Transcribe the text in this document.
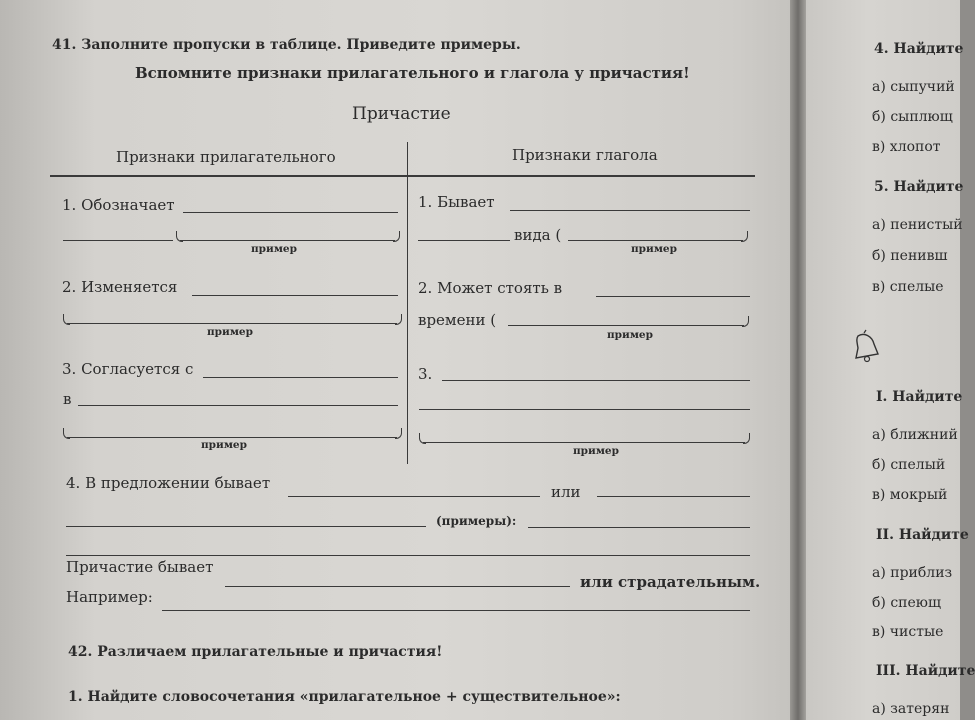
41. Заполните пропуски в таблице. Приведите примеры.
Вспомните признаки прилагательного и глагола у причастия!
Причастие
Признаки прилагательного	Признаки глагола
1. Обозначает
пример
2. Изменяется
пример
3. Согласуется с
в
пример
1. Бывает
вида (
пример
2. Может стоять в
времени (
пример
3.
пример
4. В предложении бывает	или
(примеры):
Причастие бывает
или страдательным.
Например:
42. Различаем прилагательные и причастия!
1. Найдите словосочетания «прилагательное + существительное»:
4. Найдите
а) сыпучий
б) сыплющ
в) хлопот
5. Найдите
а) пенистый
б) пенивш
в) спелые
I. Найдите
а) ближний
б) спелый
в) мокрый
II. Найдите
а) приблиз
б) спеющ
в) чистые
III. Найдите
а) затерян
